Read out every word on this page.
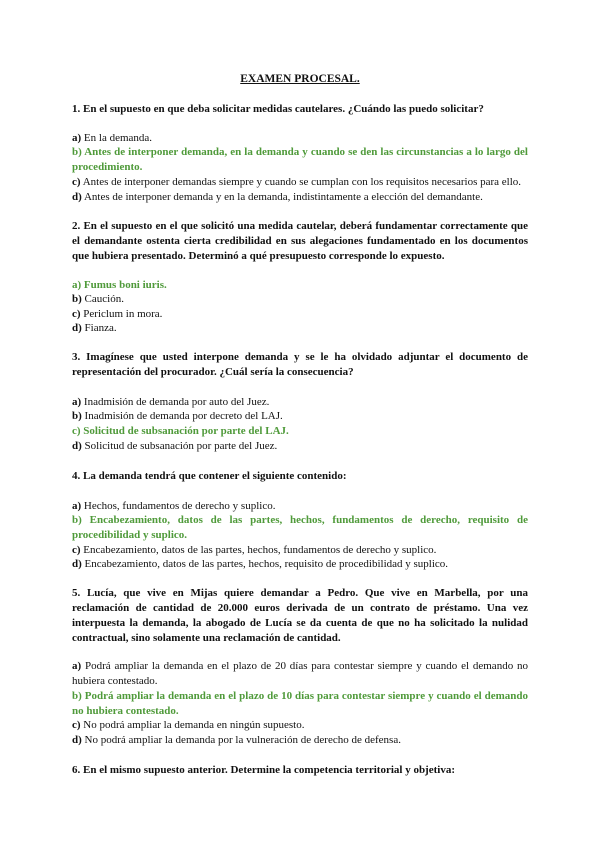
EXAMEN PROCESAL.
1. En el supuesto en que deba solicitar medidas cautelares. ¿Cuándo las puedo solicitar?
a) En la demanda.
b) Antes de interponer demanda, en la demanda y cuando se den las circunstancias a lo largo del procedimiento.
c) Antes de interponer demandas siempre y cuando se cumplan con los requisitos necesarios para ello.
d) Antes de interponer demanda y en la demanda, indistintamente a elección del demandante.
2. En el supuesto en el que solicitó una medida cautelar, deberá fundamentar correctamente que el demandante ostenta cierta credibilidad en sus alegaciones fundamentado en los documentos que hubiera presentado. Determinó a qué presupuesto corresponde lo expuesto.
a) Fumus boni iuris.
b) Caución.
c) Periclum in mora.
d) Fianza.
3. Imagínese que usted interpone demanda y se le ha olvidado adjuntar el documento de representación del procurador. ¿Cuál sería la consecuencia?
a) Inadmisión de demanda por auto del Juez.
b) Inadmisión de demanda por decreto del LAJ.
c) Solicitud de subsanación por parte del LAJ.
d) Solicitud de subsanación por parte del Juez.
4. La demanda tendrá que contener el siguiente contenido:
a) Hechos, fundamentos de derecho y suplico.
b) Encabezamiento, datos de las partes, hechos, fundamentos de derecho, requisito de procedibilidad y suplico.
c) Encabezamiento, datos de las partes, hechos, fundamentos de derecho y suplico.
d) Encabezamiento, datos de las partes, hechos, requisito de procedibilidad y suplico.
5. Lucía, que vive en Mijas quiere demandar a Pedro. Que vive en Marbella, por una reclamación de cantidad de 20.000 euros derivada de un contrato de préstamo. Una vez interpuesta la demanda, la abogado de Lucía se da cuenta de que no ha solicitado la nulidad contractual, sino solamente una reclamación de cantidad.
a) Podrá ampliar la demanda en el plazo de 20 días para contestar siempre y cuando el demando no hubiera contestado.
b) Podrá ampliar la demanda en el plazo de 10 días para contestar siempre y cuando el demando no hubiera contestado.
c) No podrá ampliar la demanda en ningún supuesto.
d) No podrá ampliar la demanda por la vulneración de derecho de defensa.
6. En el mismo supuesto anterior. Determine la competencia territorial y objetiva:
